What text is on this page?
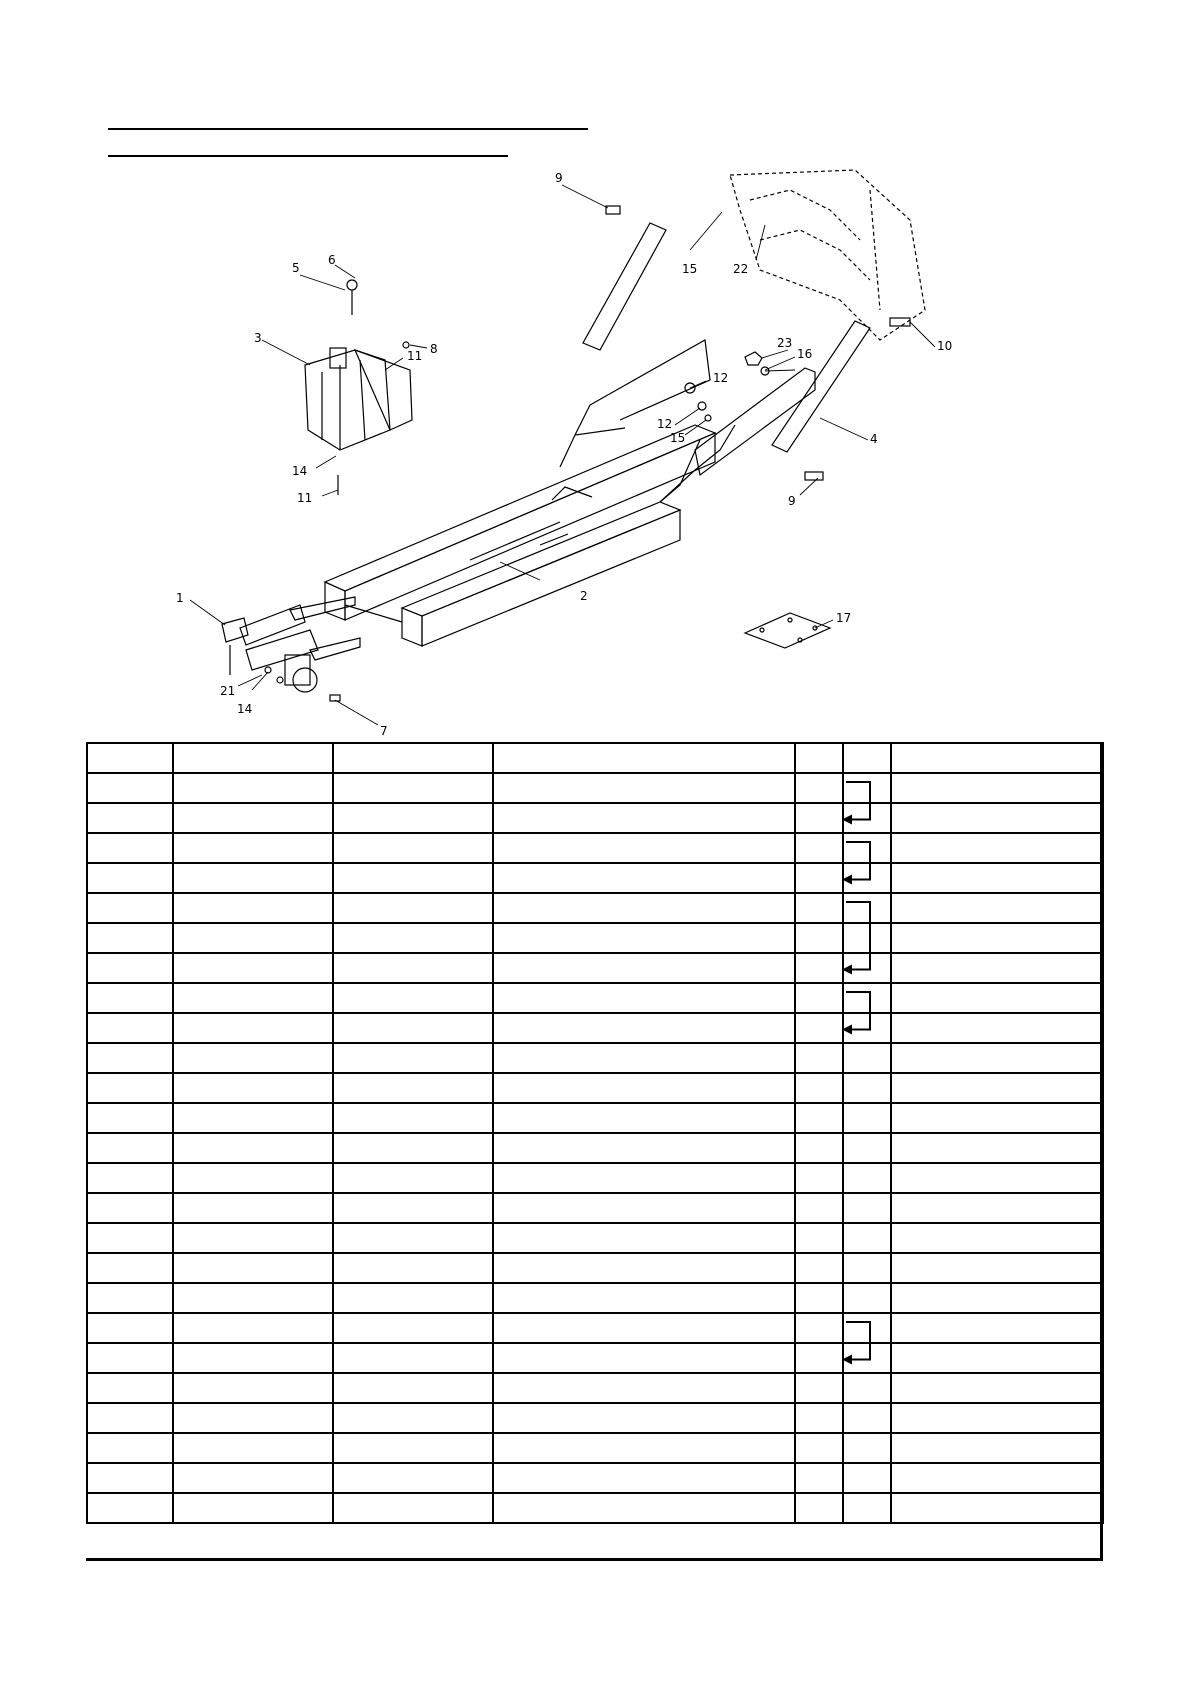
1	2
3
4
5
6
7
8
9
9
10
11
11
12
12
14
14
15
15
16
17
21
22
23
